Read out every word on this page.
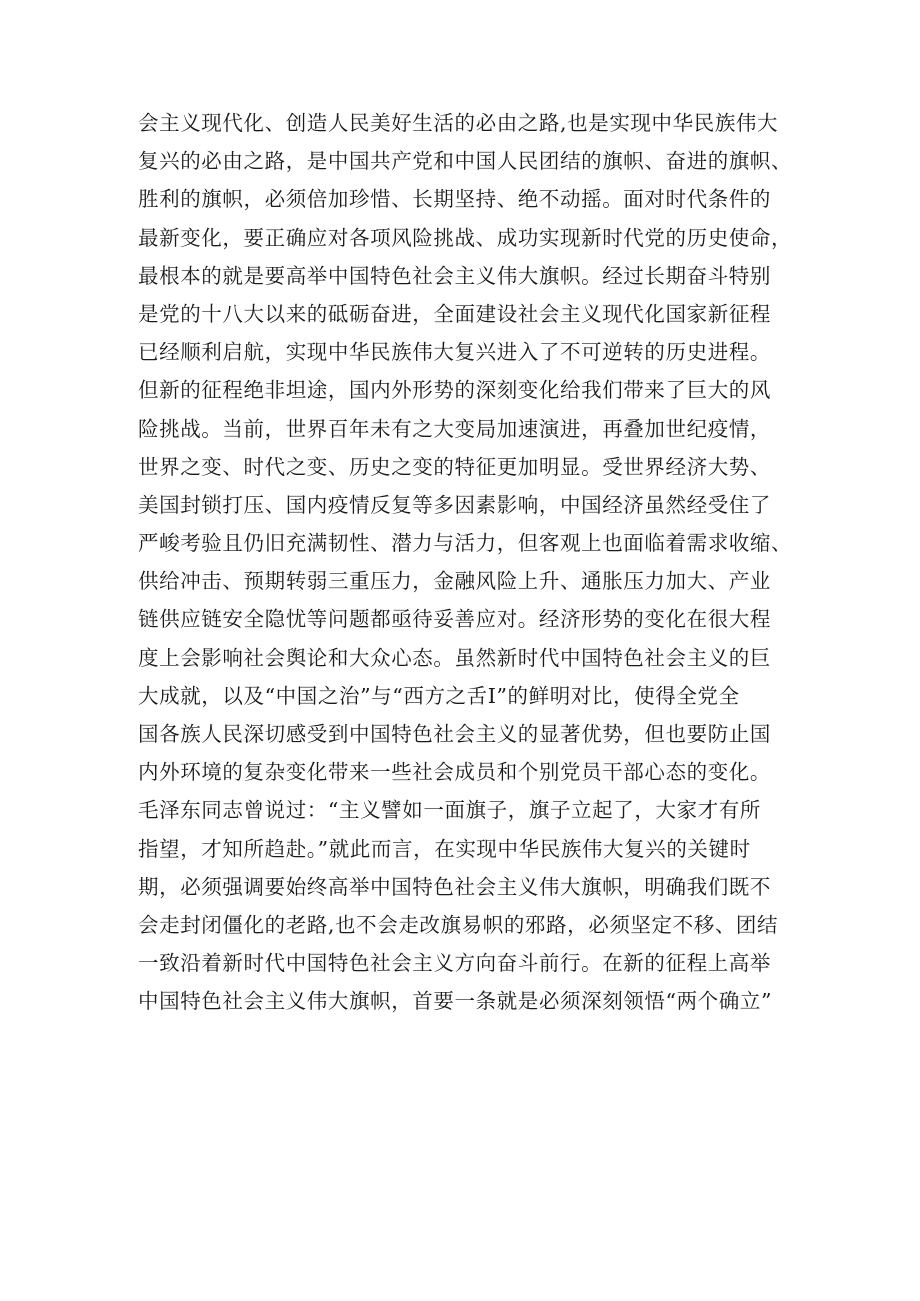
会主义现代化、创造人民美好生活的必由之路,也是实现中华民族伟大
复兴的必由之路，是中国共产党和中国人民团结的旗帜、奋进的旗帜、
胜利的旗帜，必须倍加珍惜、长期坚持、绝不动摇。面对时代条件的
最新变化，要正确应对各项风险挑战、成功实现新时代党的历史使命，
最根本的就是要高举中国特色社会主义伟大旗帜。经过长期奋斗特别
是党的十八大以来的砥砺奋进，全面建设社会主义现代化国家新征程
已经顺利启航，实现中华民族伟大复兴进入了不可逆转的历史进程。
但新的征程绝非坦途，国内外形势的深刻变化给我们带来了巨大的风
险挑战。当前，世界百年未有之大变局加速演进，再叠加世纪疫情，
世界之变、时代之变、历史之变的特征更加明显。受世界经济大势、
美国封锁打压、国内疫情反复等多因素影响，中国经济虽然经受住了
严峻考验且仍旧充满韧性、潜力与活力，但客观上也面临着需求收缩、
供给冲击、预期转弱三重压力，金融风险上升、通胀压力加大、产业
链供应链安全隐忧等问题都亟待妥善应对。经济形势的变化在很大程
度上会影响社会舆论和大众心态。虽然新时代中国特色社会主义的巨
大成就，以及“中国之治”与“西方之舌I”的鲜明对比，使得全党全
国各族人民深切感受到中国特色社会主义的显著优势，但也要防止国
内外环境的复杂变化带来一些社会成员和个别党员干部心态的变化。
毛泽东同志曾说过：“主义譬如一面旗子，旗子立起了，大家才有所
指望，才知所趋赴。”就此而言，在实现中华民族伟大复兴的关键时
期，必须强调要始终高举中国特色社会主义伟大旗帜，明确我们既不
会走封闭僵化的老路,也不会走改旗易帜的邪路，必须坚定不移、团结
一致沿着新时代中国特色社会主义方向奋斗前行。在新的征程上高举
中国特色社会主义伟大旗帜，首要一条就是必须深刻领悟“两个确立”
